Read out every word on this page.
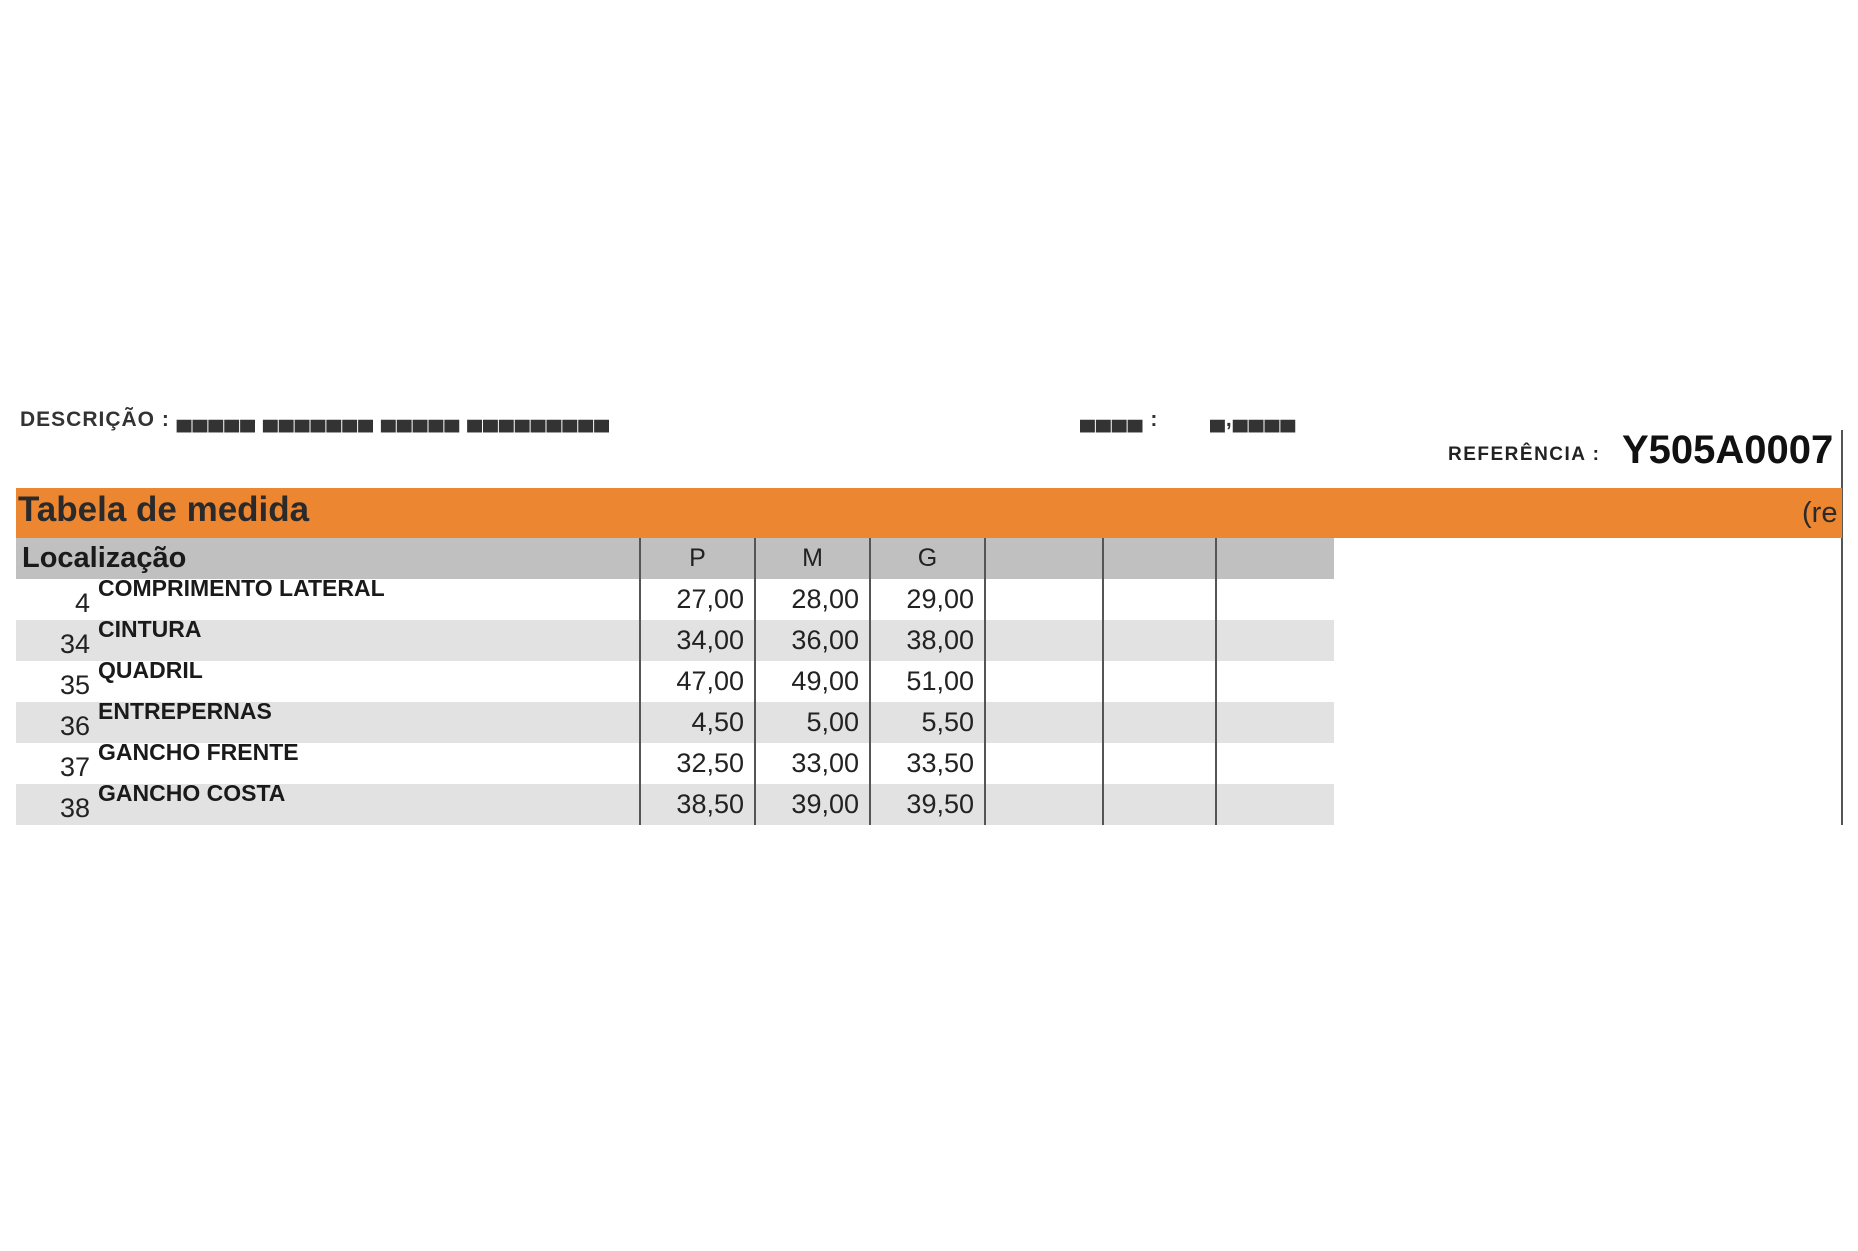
DESCRIÇÃO : ▄▄▄▄▄ ▄▄▄▄▄▄▄ ▄▄▄▄▄ ▄▄▄▄▄▄▄▄▄	▄▄▄▄ : ▄,▄▄▄▄
REFERÊNCIA : Y505A0007
Tabela de medida	(re
Localização	P	M	G			
4 COMPRIMENTO LATERAL	27,00	28,00	29,00			
34 CINTURA	34,00	36,00	38,00			
35 QUADRIL	47,00	49,00	51,00			
36 ENTREPERNAS	4,50	5,00	5,50			
37 GANCHO FRENTE	32,50	33,00	33,50			
38 GANCHO COSTA	38,50	39,00	39,50			
